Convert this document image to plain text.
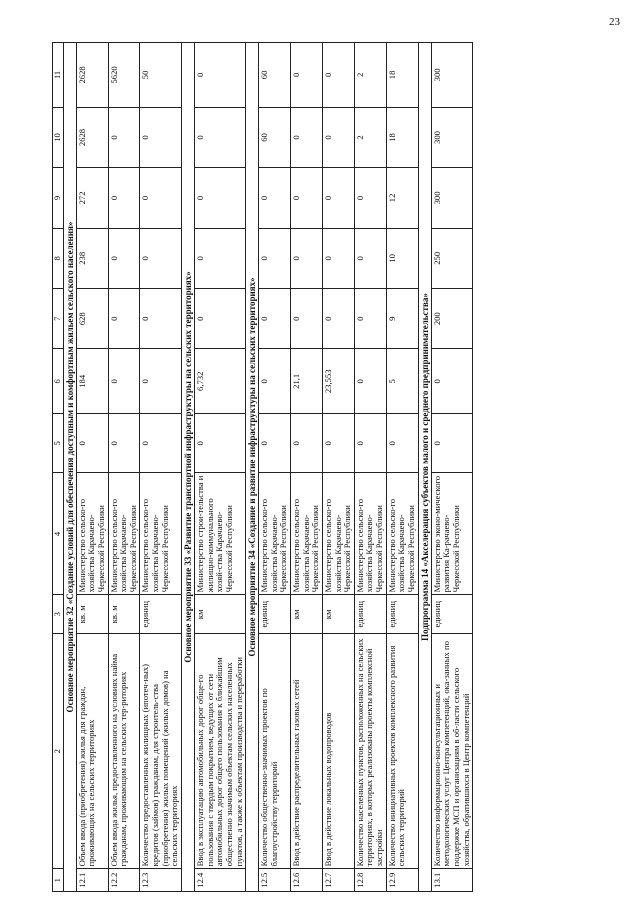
23
1	2	3	4	5	6	7	8	9	10	11
Основное мероприятие 32 «Создание условий для обеспечения доступным и комфортным жильем сельского населения»										
12.1	Объем ввода (приобретения) жилья для граждан, проживающих на сельских территориях	кв. м	Министерство сельско-го хозяйства Карачаево-Черкесской Республики	0	184	628	238	272	2628	2628
12.2	Объем ввода жилья, предоставленного на условиях найма гражданам, проживающим на сельских тер-риториях	кв. м	Министерство сельско-го хозяйства Карачаево-Черкесской Республики	0	0	0	0	0	0	5620
12.3	Количество предоставленных жилищных (ипотеч-ных) кредитов (займов) гражданам, для строитель-ства (приобретения) жилых помещений (жилых домов) на сельских территориях	единиц	Министерство сельско-го хозяйства Карачаево-Черкесской Республики	0	0	0	0	0	0	50
Основное мероприятие 33 «Развитие транспортной инфраструктуры на сельских территориях»										
12.4	Ввод в эксплуатацию автомобильных дорог обще-го пользования с твердым покрытием, ведущих от сети автомобильных дорог общего пользования к ближайшим общественно значимым объектам сельских населенных пунктов, а также к объектам производства и переработки	км	Министерство строи-тельства и жилищно-коммунального хозяй-ства Карачаево-Черкесской Республики	0	6,732	0	0	0	0	0
Основное мероприятие 34 «Создание и развитие инфраструктуры на сельских территориях»										
12.5	Количество общественно-значимых проектов по благоустройству территорий	единиц	Министерство сельско-го хозяйства Карачаево-Черкесской Республики	0	0	0	0	0	60	60
12.6	Ввод в действие распределительных газовых сетей	км	Министерство сельско-го хозяйства Карачаево-Черкесской Республики	0	21,1	0	0	0	0	0
12.7	Ввод в действие локальных водопроводов	км	Министерство сельско-го хозяйства Карачаево-Черкесской Республики	0	23,553	0	0	0	0	0
12.8	Количество населенных пунктов, расположенных на сельских территориях, в которых реализованы проекты комплексной застройки	единиц	Министерство сельско-го хозяйства Карачаево-Черкесской Республики	0	0	0	0	0	2	2
12.9	Количество инициативных проектов комплексного развития сельских территорий	единиц	Министерство сельско-го хозяйства Карачаево-Черкесской Республики	0	5	9	10	12	18	18
Подпрограмма 14 «Акселерация субъектов малого и среднего предпринимательства»										
13.1	Количество информационно-консультационных и методологических услуг Центра компетенций, ока-занных по поддержке МСП и организациям в об-ласти сельского хозяйства, обратившихся в Центр компетенций	единиц	Министерство эконо-мического развития Ка-рачаево-Черкесской Республики	0	0	200	250	300	300	300
